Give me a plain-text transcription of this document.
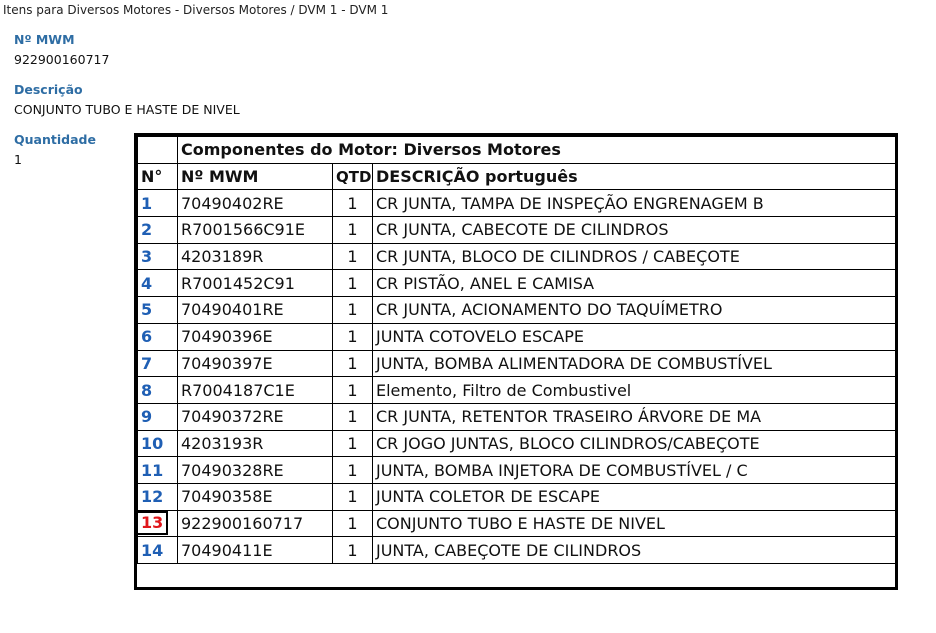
Itens para Diversos Motores - Diversos Motores / DVM 1 - DVM 1
Nº MWM
922900160717
Descrição
CONJUNTO TUBO E HASTE DE NIVEL
Quantidade
1
	Componentes do Motor: Diversos Motores		
N°	Nº MWM	QTD	DESCRIÇÃO português
1	70490402RE	1	CR JUNTA, TAMPA DE INSPEÇÃO ENGRENAGEM B
2	R7001566C91E	1	CR JUNTA, CABECOTE DE CILINDROS
3	4203189R	1	CR JUNTA, BLOCO DE CILINDROS / CABEÇOTE
4	R7001452C91	1	CR PISTÃO, ANEL E CAMISA
5	70490401RE	1	CR JUNTA, ACIONAMENTO DO TAQUÍMETRO
6	70490396E	1	JUNTA COTOVELO ESCAPE
7	70490397E	1	JUNTA, BOMBA ALIMENTADORA DE COMBUSTÍVEL
8	R7004187C1E	1	Elemento, Filtro de Combustivel
9	70490372RE	1	CR JUNTA, RETENTOR TRASEIRO ÁRVORE DE MA
10	4203193R	1	CR JOGO JUNTAS, BLOCO CILINDROS/CABEÇOTE
11	70490328RE	1	JUNTA, BOMBA INJETORA DE COMBUSTÍVEL / C
12	70490358E	1	JUNTA COLETOR DE ESCAPE
13	922900160717	1	CONJUNTO TUBO E HASTE DE NIVEL
14	70490411E	1	JUNTA, CABEÇOTE DE CILINDROS
